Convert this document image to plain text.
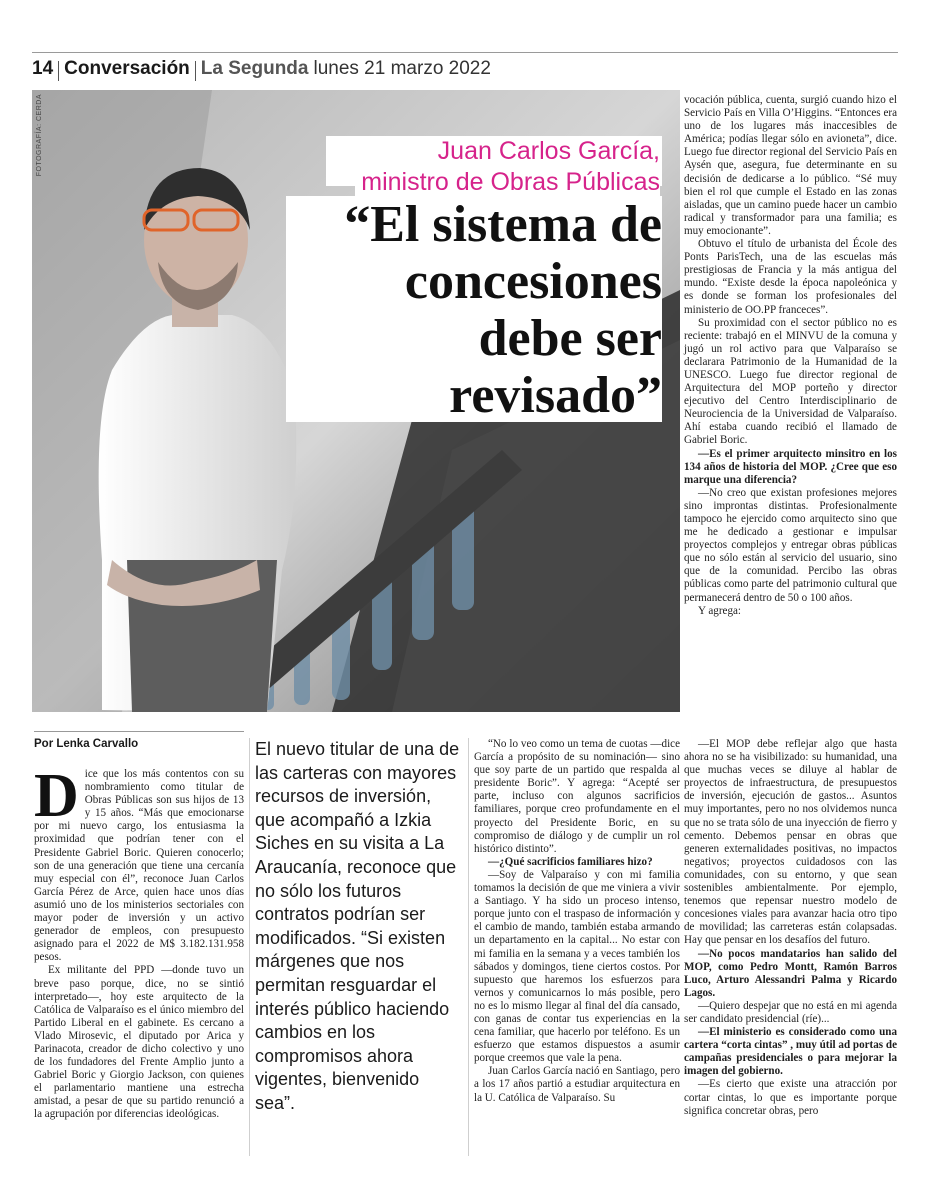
14 Conversación La Segunda lunes 21 marzo 2022
FOTOGRAFÍA: CERDA	Juan Carlos García,
ministro de Obras Públicas
“El sistema de
concesiones
debe ser
revisado”

vocación pública, cuenta, surgió cuando hizo el Servicio País en Villa O’Higgins. “Entonces era uno de los lugares más inaccesibles de América; podías llegar sólo en avioneta”, dice. Luego fue director regional del Servicio País en Aysén que, asegura, fue determinante en su decisión de dedicarse a lo público. “Sé muy bien el rol que cumple el Estado en las zonas aisladas, que un camino puede hacer un cambio radical y transformador para una familia; es muy emocionante”.

Obtuvo el título de urbanista del École des Ponts ParisTech, una de las escuelas más prestigiosas de Francia y la más antigua del mundo. “Existe desde la época napoleónica y es donde se forman los profesionales del ministerio de OO.PP franceces”.

Su proximidad con el sector público no es reciente: trabajó en el MINVU de la comuna y jugó un rol activo para que Valparaíso se declarara Patrimonio de la Humanidad de la UNESCO. Luego fue director regional de Arquitectura del MOP porteño y director ejecutivo del Centro Interdisciplinario de Neurociencia de la Universidad de Valparaíso. Ahí estaba cuando recibió el llamado de Gabriel Boric.

—Es el primer arquitecto minsitro en los 134 años de historia del MOP. ¿Cree que eso marque una diferencia?

—No creo que existan profesiones mejores sino improntas distintas. Profesionalmente tampoco he ejercido como arquitecto sino que me he dedicado a gestionar e impulsar proyectos complejos y entregar obras públicas que no sólo están al servicio del usuario, sino que de la comunidad. Percibo las obras públicas como parte del patrimonio cultural que permanecerá dentro de 50 o 100 años.

Y agrega:

Por Lenka Carvallo

Dice que los más contentos con su nombramiento como titular de Obras Públicas son sus hijos de 13 y 15 años. “Más que emocionarse por mi nuevo cargo, los entusiasma la proximidad que podrían tener con el Presidente Gabriel Boric. Quieren conocerlo; son de una generación que tiene una cercanía muy especial con él”, reconoce Juan Carlos García Pérez de Arce, quien hace unos días asumió uno de los ministerios sectoriales con mayor poder de inversión y un activo generador de empleos, con presupuesto asignado para el 2022 de M$ 3.182.131.958 pesos.

Ex militante del PPD —donde tuvo un breve paso porque, dice, no se sintió interpretado—, hoy este arquitecto de la Católica de Valparaíso es el único miembro del Partido Liberal en el gabinete. Es cercano a Vlado Mirosevic, el diputado por Arica y Parinacota, creador de dicho colectivo y uno de los fundadores del Frente Amplio junto a Gabriel Boric y Giorgio Jackson, con quienes el parlamentario mantiene una estrecha amistad, a pesar de que su partido renunció a la agrupación por diferencias ideológicas.

El nuevo titular de una de las carteras con mayores recursos de inversión, que acompañó a Izkia Siches en su visita a La Araucanía, reconoce que no sólo los futuros contratos podrían ser modificados. “Si existen márgenes que nos permitan resguardar el interés público haciendo cambios en los compromisos ahora vigentes, bienvenido sea”.

“No lo veo como un tema de cuotas —dice García a propósito de su nominación— sino que soy parte de un partido que respalda al presidente Boric”. Y agrega: “Acepté ser parte, incluso con algunos sacrificios familiares, porque creo profundamente en el proyecto del Presidente Boric, en su compromiso de diálogo y de cumplir un rol histórico distinto”.

—¿Qué sacrificios familiares hizo?

—Soy de Valparaíso y con mi familia tomamos la decisión de que me viniera a vivir a Santiago. Y ha sido un proceso intenso, porque junto con el traspaso de información y el cambio de mando, también estaba armando un departamento en la capital... No estar con mi familia en la semana y a veces también los sábados y domingos, tiene ciertos costos. Por supuesto que haremos los esfuerzos para vernos y comunicarnos lo más posible, pero no es lo mismo llegar al final del día cansado, con ganas de contar tus experiencias en la cena familiar, que hacerlo por teléfono. Es un esfuerzo que estamos dispuestos a asumir porque creemos que vale la pena.

Juan Carlos García nació en Santiago, pero a los 17 años partió a estudiar arquitectura en la U. Católica de Valparaíso. Su

—El MOP debe reflejar algo que hasta ahora no se ha visibilizado: su humanidad, una que muchas veces se diluye al hablar de proyectos de infraestructura, de presupuestos de inversión, ejecución de gastos... Asuntos muy importantes, pero no nos olvidemos nunca que no se trata sólo de una inyección de fierro y cemento. Debemos pensar en obras que generen externalidades positivas, no impactos negativos; proyectos cuidadosos con las comunidades, con su entorno, y que sean sostenibles ambientalmente. Por ejemplo, tenemos que repensar nuestro modelo de concesiones viales para avanzar hacia otro tipo de movilidad; las carreteras están colapsadas. Hay que pensar en los desafíos del futuro.

—No pocos mandatarios han salido del MOP, como Pedro Montt, Ramón Barros Luco, Arturo Alessandri Palma y Ricardo Lagos.

—Quiero despejar que no está en mi agenda ser candidato presidencial (ríe)...

—El ministerio es considerado como una cartera “corta cintas” , muy útil ad portas de campañas presidenciales o para mejorar la imagen del gobierno.

—Es cierto que existe una atracción por cortar cintas, lo que es importante porque significa concretar obras, pero
